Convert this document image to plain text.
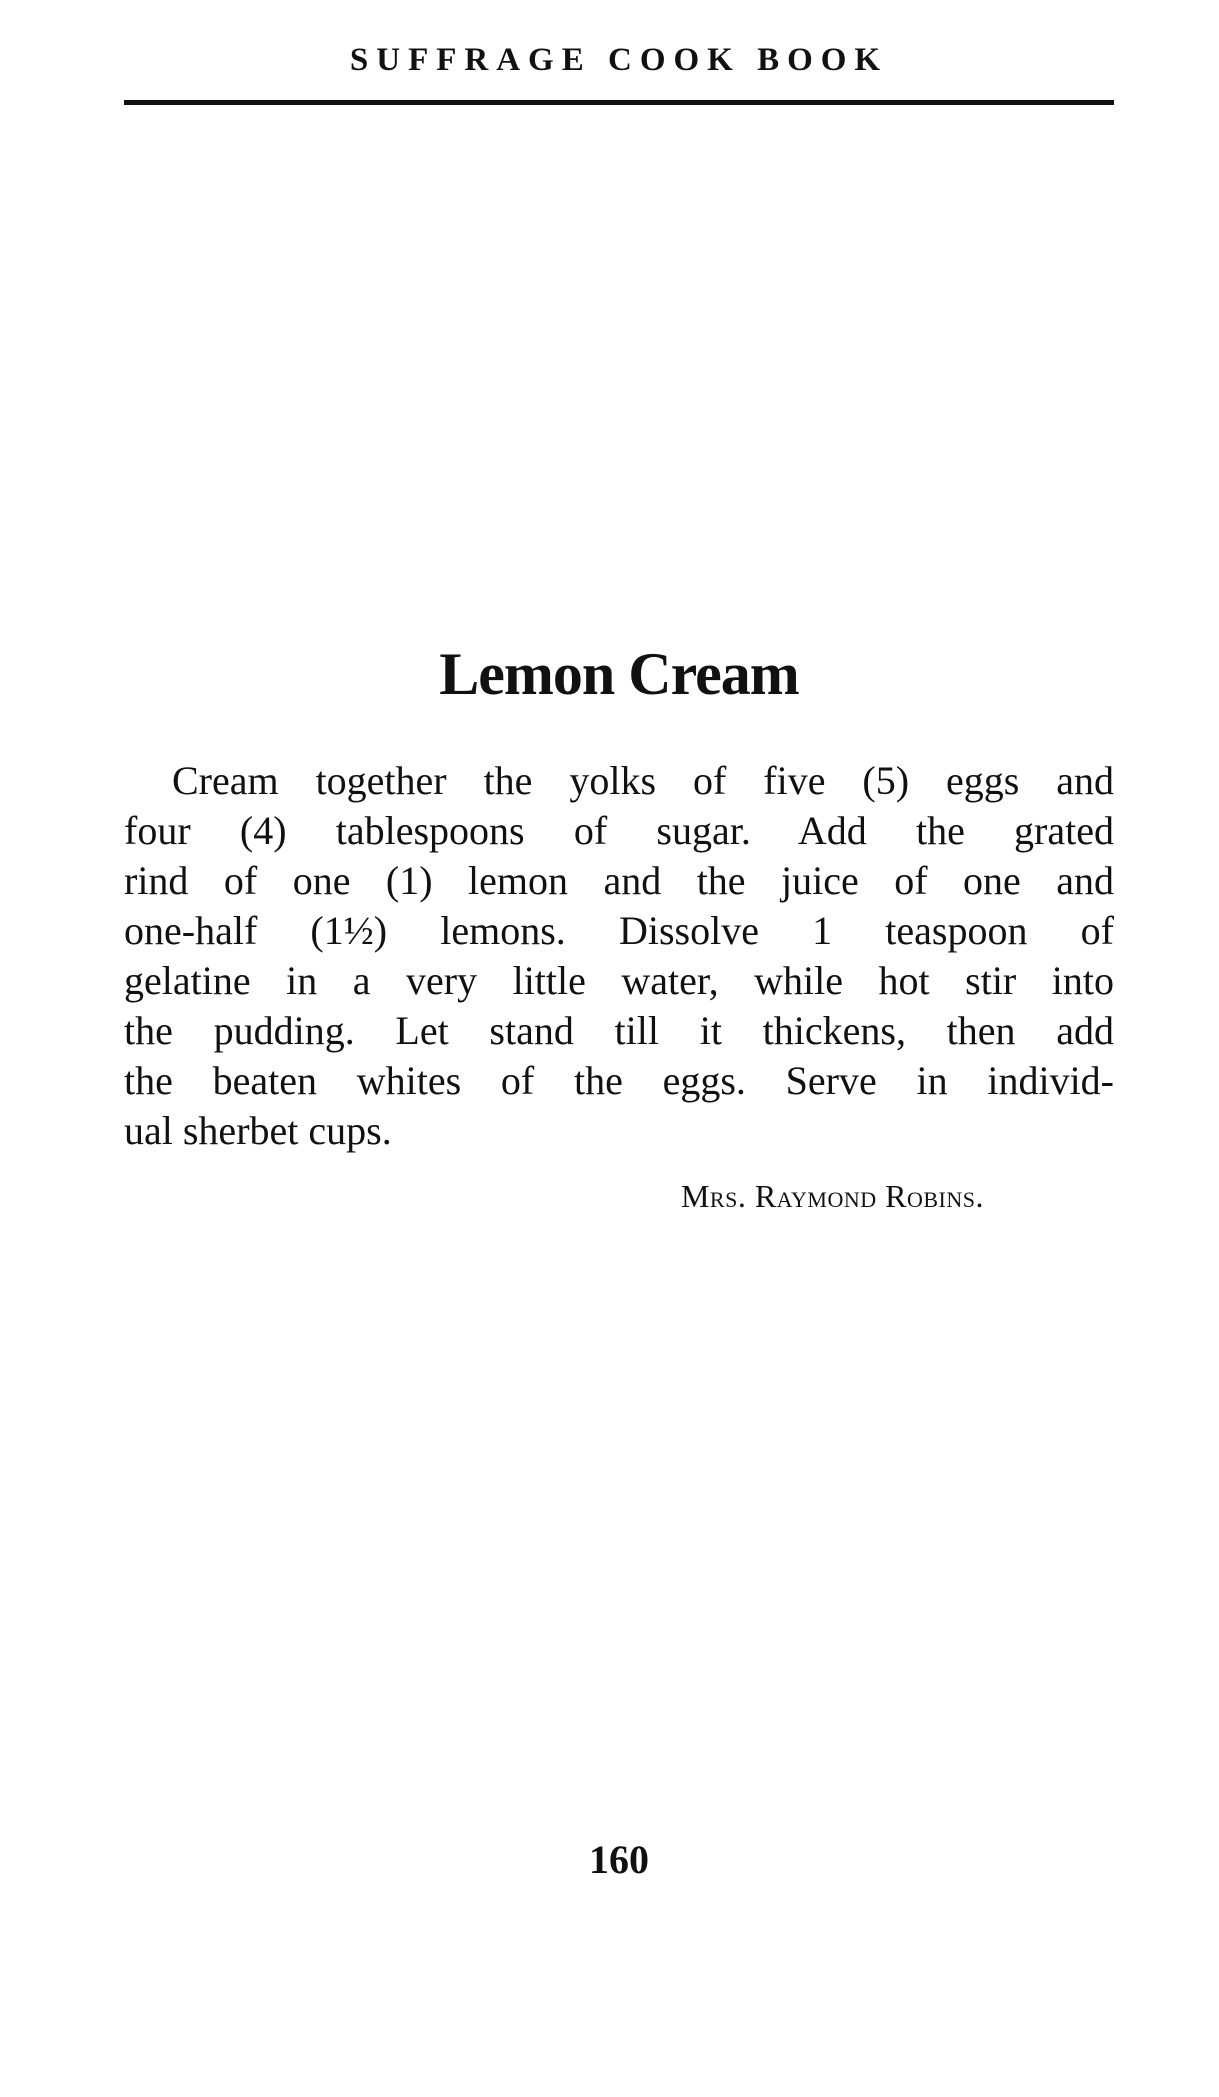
SUFFRAGE COOK BOOK
Lemon Cream
Cream together the yolks of five (5) eggs and
four (4) tablespoons of sugar. Add the grated
rind of one (1) lemon and the juice of one and
one-half (1½) lemons. Dissolve 1 teaspoon of
gelatine in a very little water, while hot stir into
the pudding. Let stand till it thickens, then add
the beaten whites of the eggs. Serve in individ-
ual sherbet cups.
Mrs. Raymond Robins.
160
